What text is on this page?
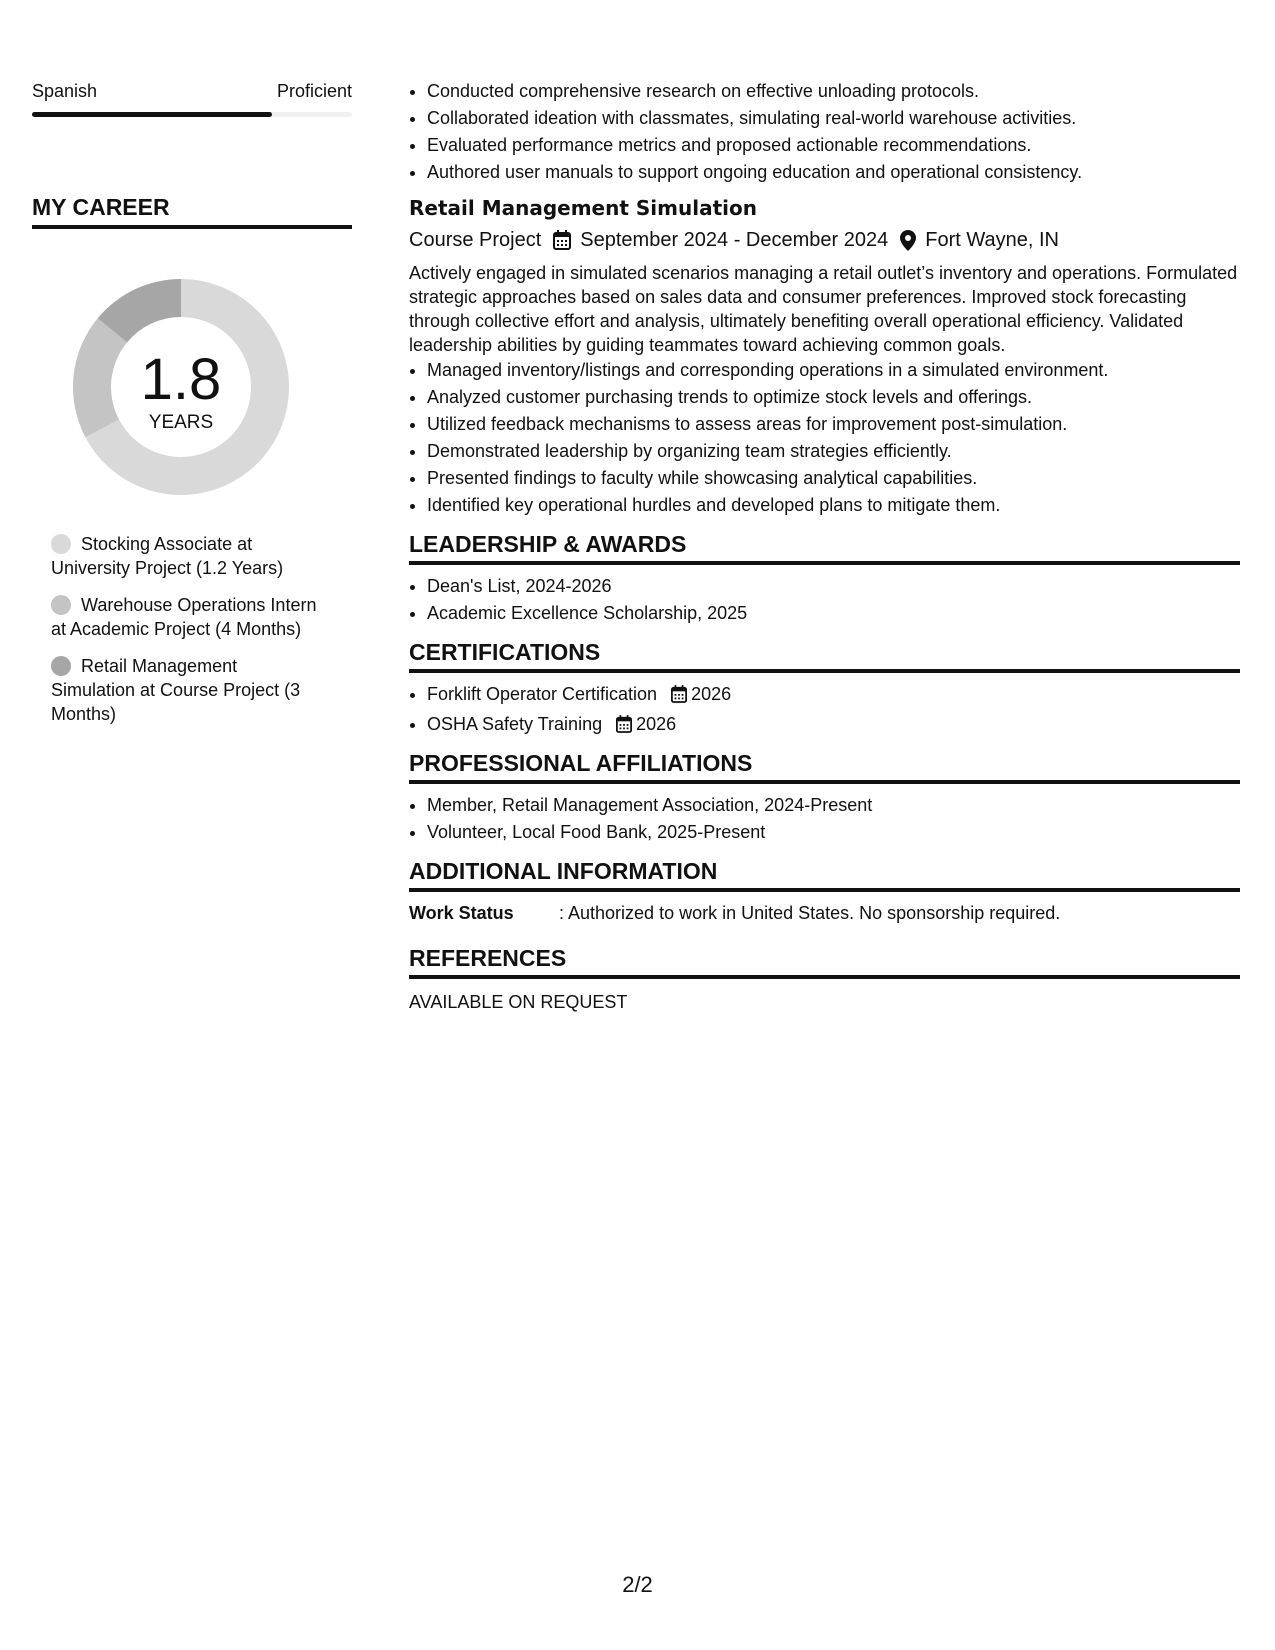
Spanish	Proficient
MY CAREER
1.8
YEARS
Stocking Associate at University Project (1.2 Years)
Warehouse Operations Intern at Academic Project (4 Months)
Retail Management Simulation at Course Project (3 Months)
• Conducted comprehensive research on effective unloading protocols.
• Collaborated ideation with classmates, simulating real-world warehouse activities.
• Evaluated performance metrics and proposed actionable recommendations.
• Authored user manuals to support ongoing education and operational consistency.
Retail Management Simulation
Course Project September 2024 - December 2024 Fort Wayne, IN
Actively engaged in simulated scenarios managing a retail outlet’s inventory and operations. Formulated strategic approaches based on sales data and consumer preferences. Improved stock forecasting through collective effort and analysis, ultimately benefiting overall operational efficiency. Validated leadership abilities by guiding teammates toward achieving common goals.
• Managed inventory/listings and corresponding operations in a simulated environment.
• Analyzed customer purchasing trends to optimize stock levels and offerings.
• Utilized feedback mechanisms to assess areas for improvement post-simulation.
• Demonstrated leadership by organizing team strategies efficiently.
• Presented findings to faculty while showcasing analytical capabilities.
• Identified key operational hurdles and developed plans to mitigate them.
LEADERSHIP & AWARDS
• Dean's List, 2024-2026
• Academic Excellence Scholarship, 2025
CERTIFICATIONS
• Forklift Operator Certification 2026
• OSHA Safety Training 2026
PROFESSIONAL AFFILIATIONS
• Member, Retail Management Association, 2024-Present
• Volunteer, Local Food Bank, 2025-Present
ADDITIONAL INFORMATION
Work Status	: Authorized to work in United States. No sponsorship required.
REFERENCES
AVAILABLE ON REQUEST
2/2
